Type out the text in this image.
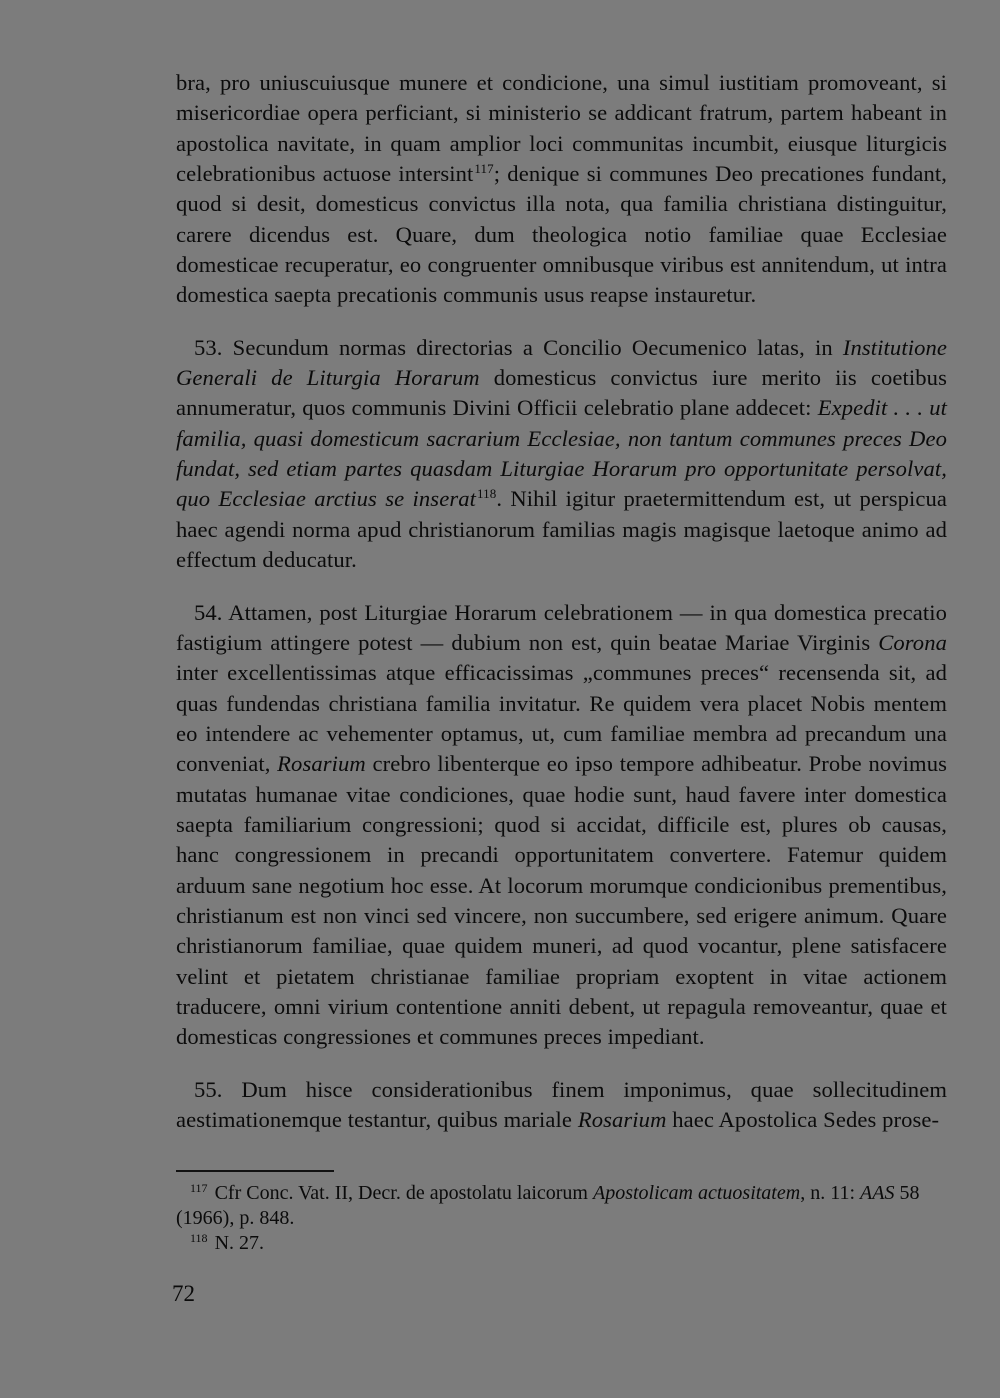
bra, pro uniuscuiusque munere et condicione, una simul iustitiam promoveant, si misericordiae opera perficiant, si ministerio se addicant fratrum, partem habeant in apostolica navitate, in quam amplior loci communitas incumbit, eiusque liturgicis celebrationibus actuose intersint$^{117}$; denique si communes Deo precationes fundant, quod si desit, domesticus convictus illa nota, qua familia christiana distinguitur, carere dicendus est. Quare, dum theologica notio familiae quae Ecclesiae domesticae recuperatur, eo congruenter omnibusque viribus est annitendum, ut intra domestica saepta precationis communis usus reapse instauretur.

53. Secundum normas directorias a Concilio Oecumenico latas, in Institutione Generali de Liturgia Horarum domesticus convictus iure merito iis coetibus annumeratur, quos communis Divini Officii celebratio plane addecet: Expedit . . . ut familia, quasi domesticum sacrarium Ecclesiae, non tantum communes preces Deo fundat, sed etiam partes quasdam Liturgiae Horarum pro opportunitate persolvat, quo Ecclesiae arctius se inserat$^{118}$. Nihil igitur praetermittendum est, ut perspicua haec agendi norma apud christianorum familias magis magisque laetoque animo ad effectum deducatur.

54. Attamen, post Liturgiae Horarum celebrationem — in qua domestica precatio fastigium attingere potest — dubium non est, quin beatae Mariae Virginis Corona inter excellentissimas atque efficacissimas „communes preces“ recensenda sit, ad quas fundendas christiana familia invitatur. Re quidem vera placet Nobis mentem eo intendere ac vehementer optamus, ut, cum familiae membra ad precandum una conveniat, Rosarium crebro libenterque eo ipso tempore adhibeatur. Probe novimus mutatas humanae vitae condiciones, quae hodie sunt, haud favere inter domestica saepta familiarium congressioni; quod si accidat, difficile est, plures ob causas, hanc congressionem in precandi opportunitatem convertere. Fatemur quidem arduum sane negotium hoc esse. At locorum morumque condicionibus prementibus, christianum est non vinci sed vincere, non succumbere, sed erigere animum. Quare christianorum familiae, quae quidem muneri, ad quod vocantur, plene satisfacere velint et pietatem christianae familiae propriam exoptent in vitae actionem traducere, omni virium contentione anniti debent, ut repagula removeantur, quae et domesticas congressiones et communes preces impediant.

55. Dum hisce considerationibus finem imponimus, quae sollecitudinem aestimationemque testantur, quibus mariale Rosarium haec Apostolica Sedes prose-

$^{117}$ Cfr Conc. Vat. II, Decr. de apostolatu laicorum Apostolicam actuositatem, n. 11: AAS 58 (1966), p. 848.

$^{118}$ N. 27.

72
